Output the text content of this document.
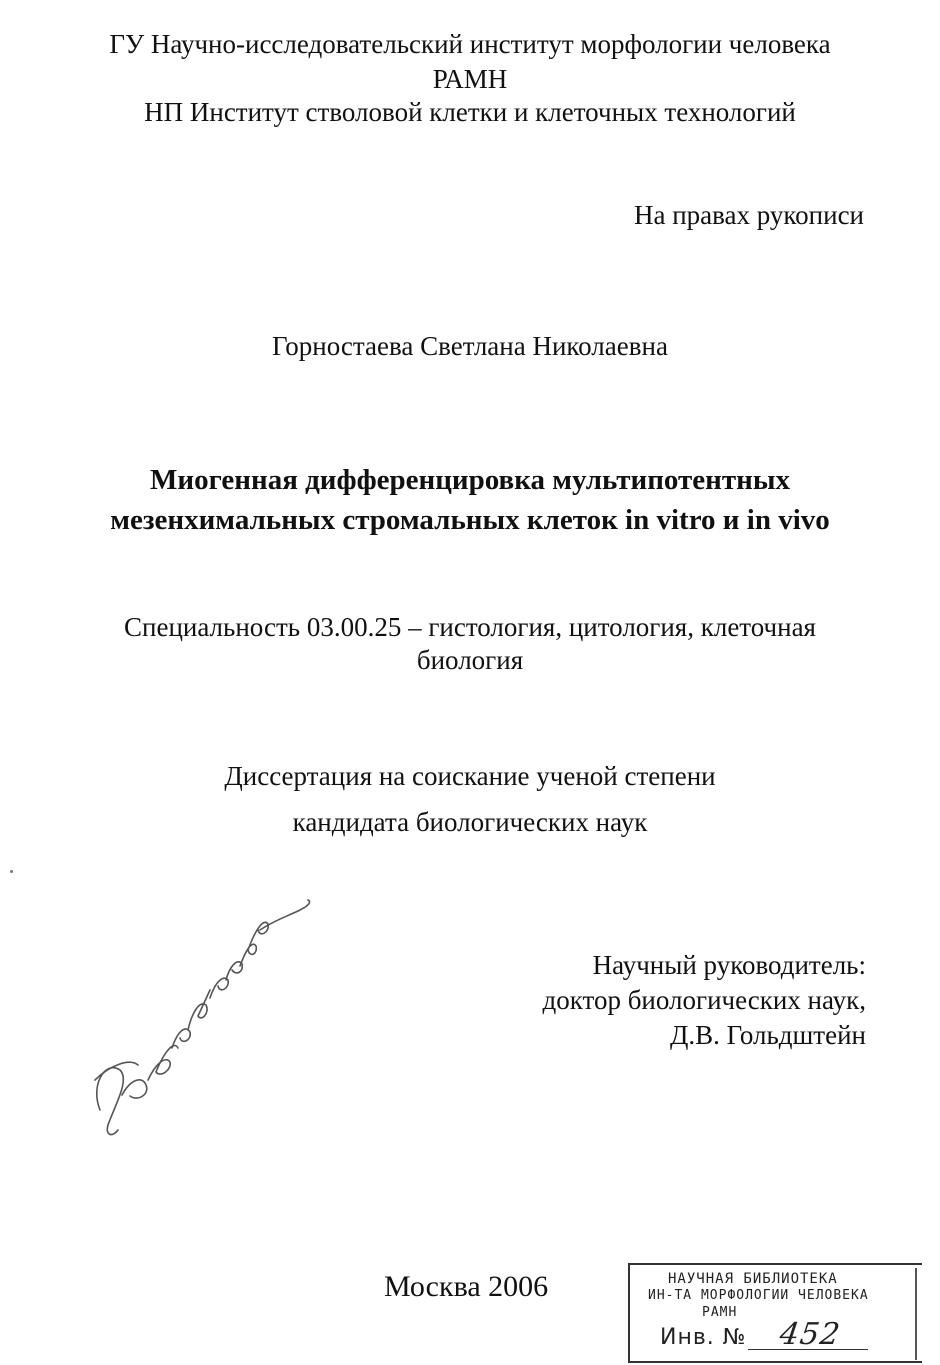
ГУ Научно-исследовательский институт морфологии человека
РАМН
НП Институт стволовой клетки и клеточных технологий
На правах рукописи
Горностаева Светлана Николаевна
Миогенная дифференцировка мультипотентных
мезенхимальных стромальных клеток in vitro и in vivo
Специальность 03.00.25 – гистология, цитология, клеточная
биология
Диссертация на соискание ученой степени
кандидата биологических наук
Научный руководитель:
доктор биологических наук,
Д.В. Гольдштейн
Москва 2006	НАУЧНАЯ БИБЛИОТЕКА
ИН-ТА МОРФОЛОГИИ ЧЕЛОВЕКА
РАМН
Инв. № 452
